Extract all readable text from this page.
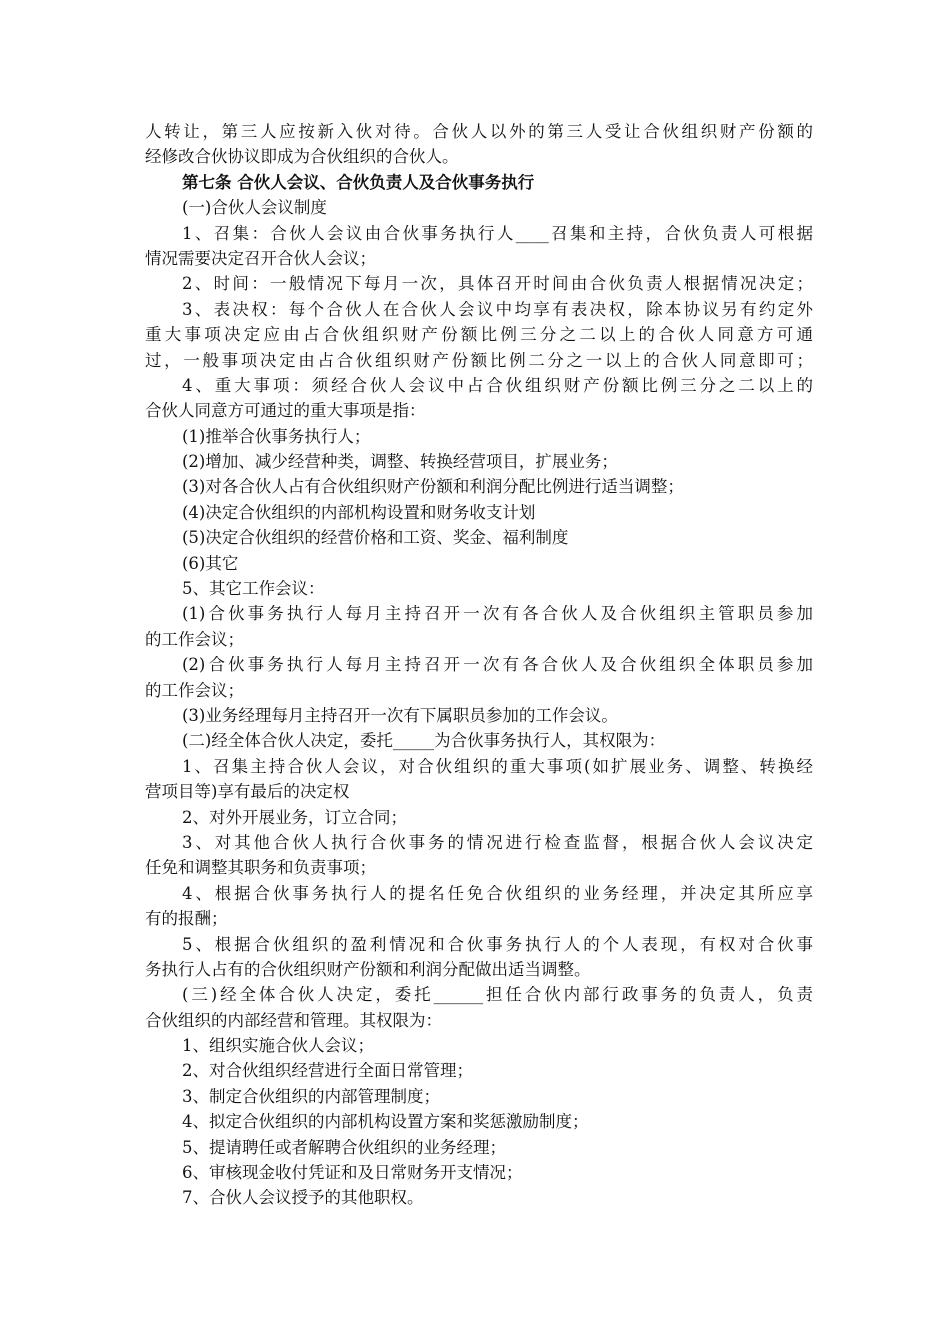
人转让，第三人应按新入伙对待。合伙人以外的第三人受让合伙组织财产份额的
经修改合伙协议即成为合伙组织的合伙人。
第七条 合伙人会议、合伙负责人及合伙事务执行
(一)合伙人会议制度
1、召集：合伙人会议由合伙事务执行人____召集和主持，合伙负责人可根据
情况需要决定召开合伙人会议；
2、时间：一般情况下每月一次，具体召开时间由合伙负责人根据情况决定；
3、表决权：每个合伙人在合伙人会议中均享有表决权，除本协议另有约定外
重大事项决定应由占合伙组织财产份额比例三分之二以上的合伙人同意方可通
过，一般事项决定由占合伙组织财产份额比例二分之一以上的合伙人同意即可；
4、重大事项：须经合伙人会议中占合伙组织财产份额比例三分之二以上的
合伙人同意方可通过的重大事项是指：
(1)推举合伙事务执行人；
(2)增加、减少经营种类，调整、转换经营项目，扩展业务；
(3)对各合伙人占有合伙组织财产份额和利润分配比例进行适当调整；
(4)决定合伙组织的内部机构设置和财务收支计划
(5)决定合伙组织的经营价格和工资、奖金、福利制度
(6)其它
5、其它工作会议：
(1)合伙事务执行人每月主持召开一次有各合伙人及合伙组织主管职员参加
的工作会议；
(2)合伙事务执行人每月主持召开一次有各合伙人及合伙组织全体职员参加
的工作会议；
(3)业务经理每月主持召开一次有下属职员参加的工作会议。
(二)经全体合伙人决定，委托_____为合伙事务执行人，其权限为：
1、召集主持合伙人会议，对合伙组织的重大事项(如扩展业务、调整、转换经
营项目等)享有最后的决定权
2、对外开展业务，订立合同；
3、对其他合伙人执行合伙事务的情况进行检查监督，根据合伙人会议决定
任免和调整其职务和负责事项；
4、根据合伙事务执行人的提名任免合伙组织的业务经理，并决定其所应享
有的报酬；
5、根据合伙组织的盈利情况和合伙事务执行人的个人表现，有权对合伙事
务执行人占有的合伙组织财产份额和利润分配做出适当调整。
(三)经全体合伙人决定，委托______担任合伙内部行政事务的负责人，负责
合伙组织的内部经营和管理。其权限为：
1、组织实施合伙人会议；
2、对合伙组织经营进行全面日常管理；
3、制定合伙组织的内部管理制度；
4、拟定合伙组织的内部机构设置方案和奖惩激励制度；
5、提请聘任或者解聘合伙组织的业务经理；
6、审核现金收付凭证和及日常财务开支情况；
7、合伙人会议授予的其他职权。
